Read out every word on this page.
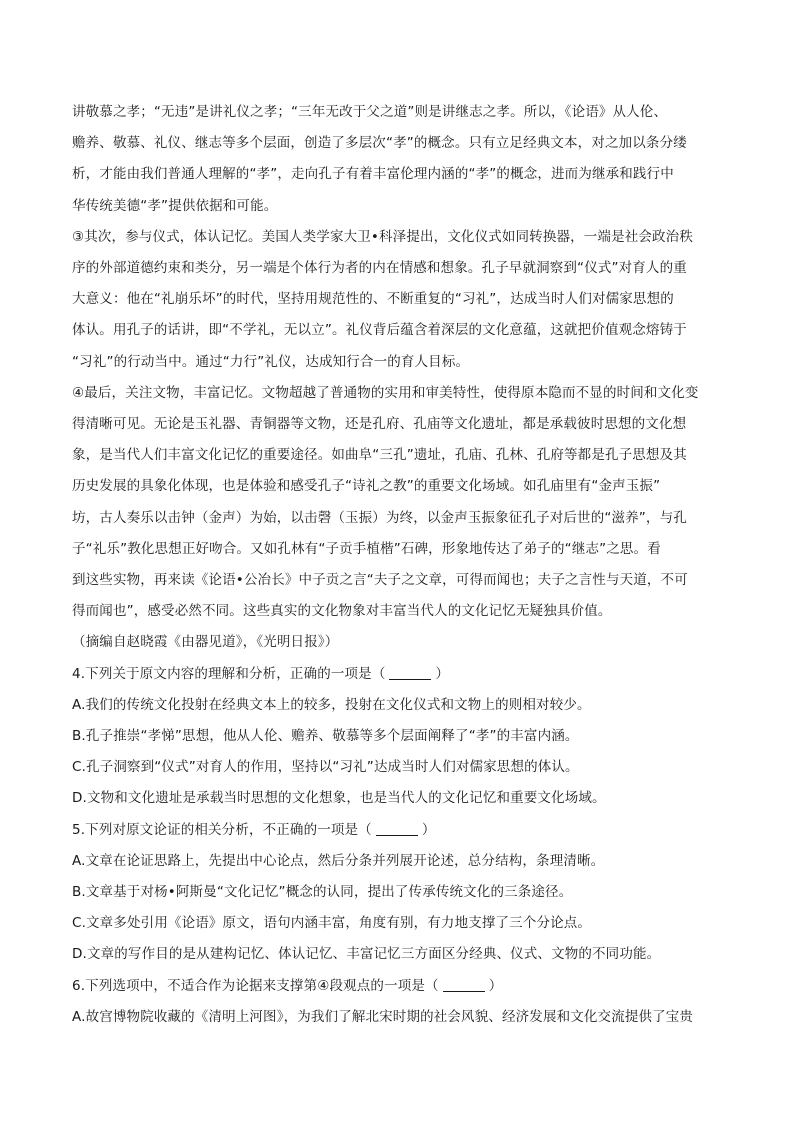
讲敬慕之孝；“无违”是讲礼仪之孝；“三年无改于父之道”则是讲继志之孝。所以，《论语》从人伦、

赡养、敬慕、礼仪、继志等多个层面，创造了多层次“孝”的概念。只有立足经典文本，对之加以条分缕

析，才能由我们普通人理解的“孝”，走向孔子有着丰富伦理内涵的“孝”的概念，进而为继承和践行中

华传统美德“孝”提供依据和可能。

③其次，参与仪式，体认记忆。美国人类学家大卫•科泽提出，文化仪式如同转换器，一端是社会政治秩

序的外部道德约束和类分，另一端是个体行为者的内在情感和想象。孔子早就洞察到“仪式”对育人的重

大意义：他在“礼崩乐坏”的时代，坚持用规范性的、不断重复的“习礼”，达成当时人们对儒家思想的

体认。用孔子的话讲，即“不学礼，无以立”。礼仪背后蕴含着深层的文化意蕴，这就把价值观念熔铸于

“习礼”的行动当中。通过“力行”礼仪，达成知行合一的育人目标。

④最后，关注文物，丰富记忆。文物超越了普通物的实用和审美特性，使得原本隐而不显的时间和文化变

得清晰可见。无论是玉礼器、青铜器等文物，还是孔府、孔庙等文化遗址，都是承载彼时思想的文化想

象，是当代人们丰富文化记忆的重要途径。如曲阜“三孔”遗址，孔庙、孔林、孔府等都是孔子思想及其

历史发展的具象化体现，也是体验和感受孔子“诗礼之教”的重要文化场域。如孔庙里有“金声玉振”

坊，古人奏乐以击钟（金声）为始，以击磬（玉振）为终，以金声玉振象征孔子对后世的“滋养”，与孔

子“礼乐”教化思想正好吻合。又如孔林有“子贡手植楷”石碑，形象地传达了弟子的“继志”之思。看

到这些实物，再来读《论语•公冶长》中子贡之言“夫子之文章，可得而闻也；夫子之言性与天道，不可

得而闻也”，感受必然不同。这些真实的文化物象对丰富当代人的文化记忆无疑独具价值。

（摘编自赵晓霞《由器见道》，《光明日报》）

4.下列关于原文内容的理解和分析，正确的一项是（	）

A.我们的传统文化投射在经典文本上的较多，投射在文化仪式和文物上的则相对较少。

B.孔子推崇“孝悌”思想，他从人伦、赡养、敬慕等多个层面阐释了“孝”的丰富内涵。

C.孔子洞察到“仪式”对育人的作用，坚持以“习礼”达成当时人们对儒家思想的体认。

D.文物和文化遗址是承载当时思想的文化想象，也是当代人的文化记忆和重要文化场域。

5.下列对原文论证的相关分析，不正确的一项是（	）

A.文章在论证思路上，先提出中心论点，然后分条并列展开论述，总分结构，条理清晰。

B.文章基于对杨•阿斯曼“文化记忆”概念的认同，提出了传承传统文化的三条途径。

C.文章多处引用《论语》原文，语句内涵丰富，角度有别，有力地支撑了三个分论点。

D.文章的写作目的是从建构记忆、体认记忆、丰富记忆三方面区分经典、仪式、文物的不同功能。

6.下列选项中，不适合作为论据来支撑第④段观点的一项是（	）

A.故宫博物院收藏的《清明上河图》，为我们了解北宋时期的社会风貌、经济发展和文化交流提供了宝贵
